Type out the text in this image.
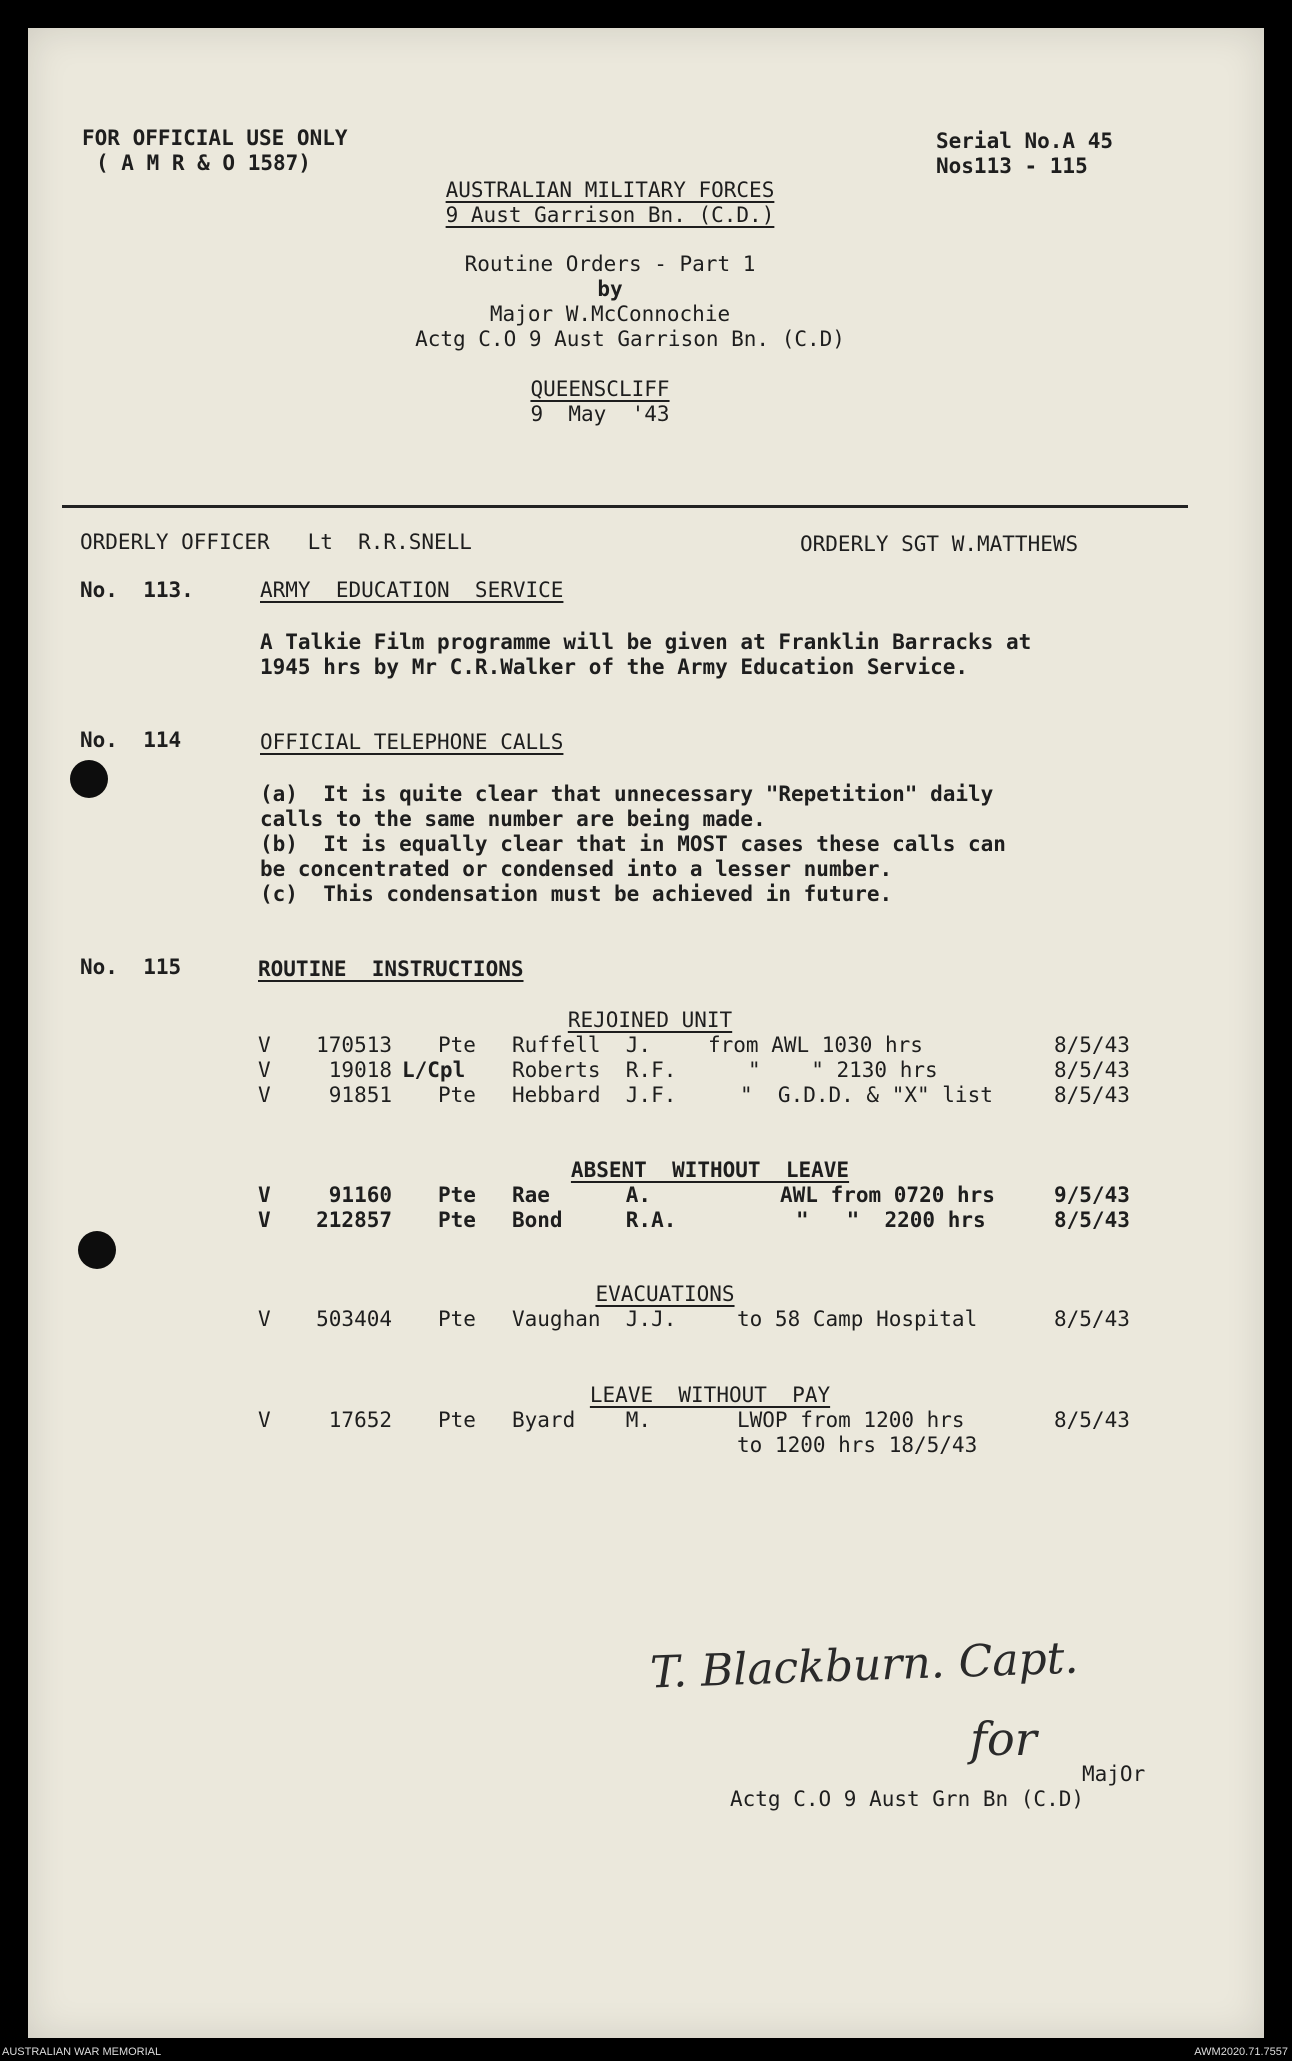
FOR OFFICIAL USE ONLY
( A M R & O 1587)
Serial No.A 45
Nos113 - 115
AUSTRALIAN MILITARY FORCES
9 Aust Garrison Bn. (C.D.)
Routine Orders - Part 1
by
Major W.McConnochie
Actg C.O 9 Aust Garrison Bn. (C.D)
QUEENSCLIFF
9  May  '43
ORDERLY OFFICER   Lt  R.R.SNELL	ORDERLY SGT W.MATTHEWS
No.  113.	ARMY  EDUCATION  SERVICE
A Talkie Film programme will be given at Franklin Barracks at
1945 hrs by Mr C.R.Walker of the Army Education Service.
No.  114	OFFICIAL TELEPHONE CALLS
(a)  It is quite clear that unnecessary "Repetition" daily
calls to the same number are being made.
(b)  It is equally clear that in MOST cases these calls can
be concentrated or condensed into a lesser number.
(c)  This condensation must be achieved in future.
No.  115	ROUTINE  INSTRUCTIONS
REJOINED UNIT
V	170513 Pte Ruffell  J.	from AWL 1030 hrs	8/5/43
V	19018 L/Cpl Roberts  R.F.	"    " 2130 hrs	8/5/43
V	91851 Pte Hebbard  J.F.	"  G.D.D. & "X" list	8/5/43
ABSENT  WITHOUT  LEAVE
V	91160 Pte Rae      A.	AWL from 0720 hrs	9/5/43
V	212857 Pte Bond     R.A.	"   "  2200 hrs	8/5/43
EVACUATIONS
V	503404 Pte Vaughan  J.J.	to 58 Camp Hospital	8/5/43
LEAVE  WITHOUT  PAY
V	17652 Pte Byard    M.	LWOP from 1200 hrs	8/5/43
to 1200 hrs 18/5/43
T. Blackburn. Capt.
for
MajOr
Actg C.O 9 Aust Grn Bn (C.D)
AUSTRALIAN WAR MEMORIAL	AWM2020.71.7557
